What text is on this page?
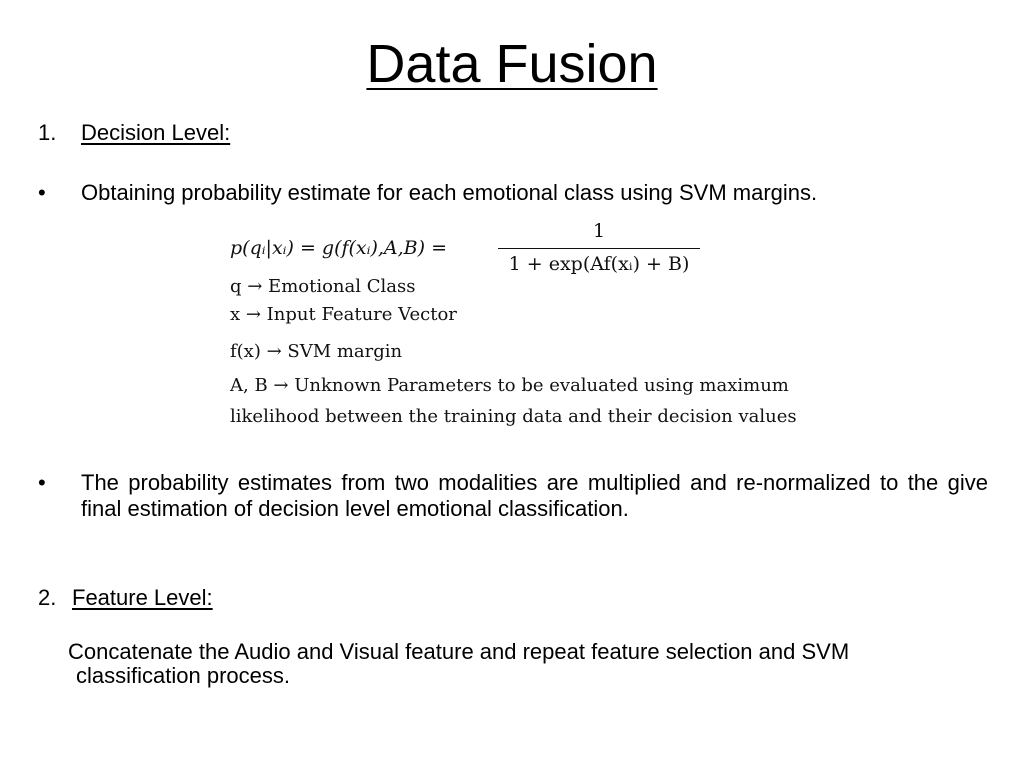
Data Fusion
1. Decision Level:
• Obtaining probability estimate for each emotional class using SVM margins.
p(qᵢ|xᵢ) = g(f(xᵢ),A,B) =
1
1 + exp(Af(xᵢ) + B)
q → Emotional Class
x → Input Feature Vector
f(x) → SVM margin
A, B → Unknown Parameters to be evaluated using maximum
likelihood between the training data and their decision values
• The probability estimates from two modalities are multiplied and re-normalized to the give final estimation of decision level emotional classification.
2. Feature Level:
Concatenate the Audio and Visual feature and repeat feature selection and SVM
classification process.
